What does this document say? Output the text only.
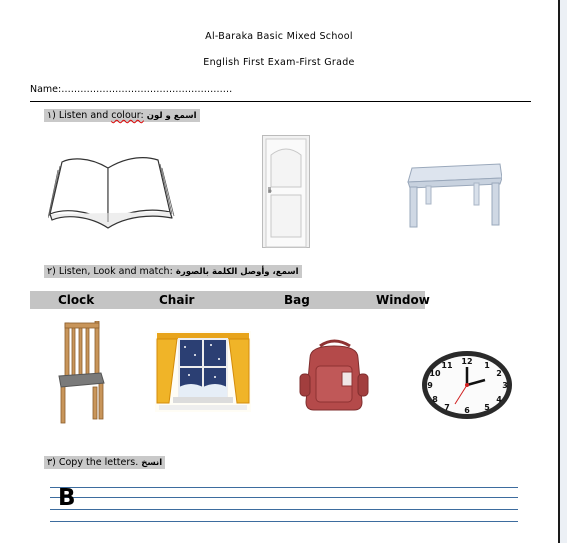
Al-Baraka Basic Mixed School
English First Exam-First Grade
Name:………………………………………………
١) Listen and colour: اسمع و لون
٢) Listen, Look and match: اسمع، وأوصل الكلمة بالصورة
Clock	Chair	Bag	Window
12
3
6
9
1
2
4
5
7
8
10
11
٣) Copy the letters. انسخ
B
